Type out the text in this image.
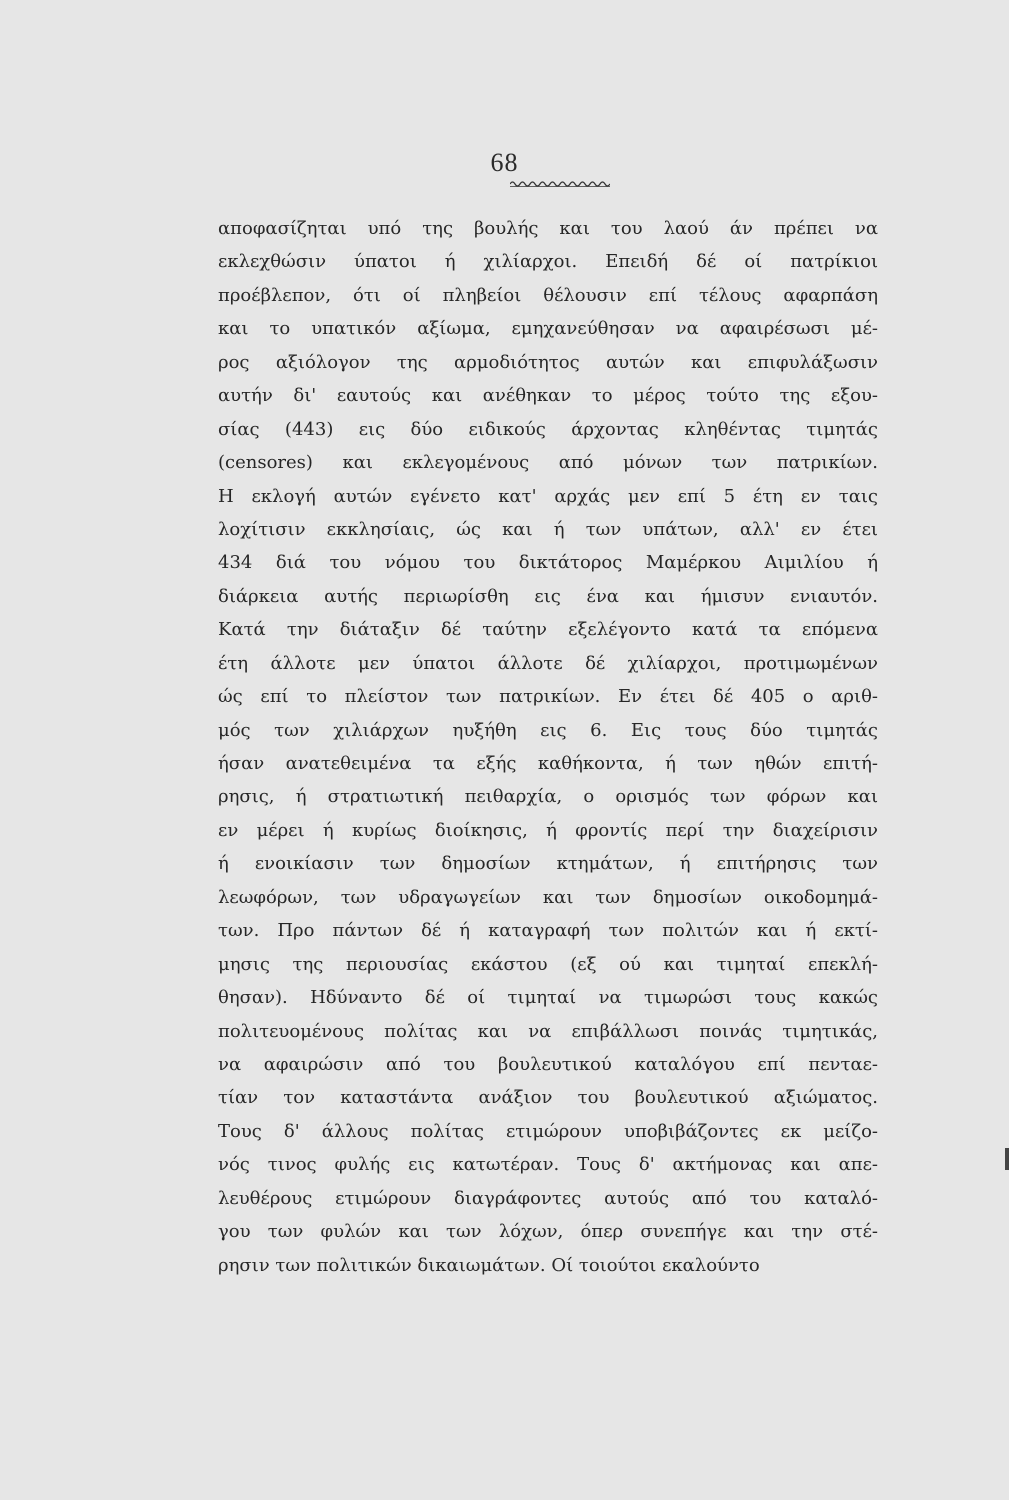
68
αποφασίζηται υπό της βουλής και του λαού άν πρέπει να
εκλεχθώσιν ύπατοι ή χιλίαρχοι. Επειδή δέ οί πατρίκιοι
προέβλεπον, ότι οί πληβείοι θέλουσιν επί τέλους αφαρπάση
και το υπατικόν αξίωμα, εμηχανεύθησαν να αφαιρέσωσι μέ-
ρος αξιόλογον της αρμοδιότητος αυτών και επιφυλάξωσιν
αυτήν δι' εαυτούς και ανέθηκαν το μέρος τούτο της εξου-
σίας (443) εις δύο ειδικούς άρχοντας κληθέντας τιμητάς
(censores) και εκλεγομένους από μόνων των πατρικίων.
Η εκλογή αυτών εγένετο κατ' αρχάς μεν επί 5 έτη εν ταις
λοχίτισιν εκκλησίαις, ώς και ή των υπάτων, αλλ' εν έτει
434 διά του νόμου του δικτάτορος Μαμέρκου Αιμιλίου ή
διάρκεια αυτής περιωρίσθη εις ένα και ήμισυν ενιαυτόν.
Κατά την διάταξιν δέ ταύτην εξελέγοντο κατά τα επόμενα
έτη άλλοτε μεν ύπατοι άλλοτε δέ χιλίαρχοι, προτιμωμένων
ώς επί το πλείστον των πατρικίων. Εν έτει δέ 405 ο αριθ-
μός των χιλιάρχων ηυξήθη εις 6. Εις τους δύο τιμητάς
ήσαν ανατεθειμένα τα εξής καθήκοντα, ή των ηθών επιτή-
ρησις, ή στρατιωτική πειθαρχία, ο ορισμός των φόρων και
εν μέρει ή κυρίως διοίκησις, ή φροντίς περί την διαχείρισιν
ή ενοικίασιν των δημοσίων κτημάτων, ή επιτήρησις των
λεωφόρων, των υδραγωγείων και των δημοσίων οικοδομημά-
των. Προ πάντων δέ ή καταγραφή των πολιτών και ή εκτί-
μησις της περιουσίας εκάστου (εξ ού και τιμηταί επεκλή-
θησαν). Ηδύναντο δέ οί τιμηταί να τιμωρώσι τους κακώς
πολιτευομένους πολίτας και να επιβάλλωσι ποινάς τιμητικάς,
να αφαιρώσιν από του βουλευτικού καταλόγου επί πενταε-
τίαν τον καταστάντα ανάξιον του βουλευτικού αξιώματος.
Τους δ' άλλους πολίτας ετιμώρουν υποβιβάζοντες εκ μείζο-
νός τινος φυλής εις κατωτέραν. Τους δ' ακτήμονας και απε-
λευθέρους ετιμώρουν διαγράφοντες αυτούς από του καταλό-
γου των φυλών και των λόχων, όπερ συνεπήγε και την στέ-
ρησιν των πολιτικών δικαιωμάτων. Οί τοιούτοι εκαλούντο
